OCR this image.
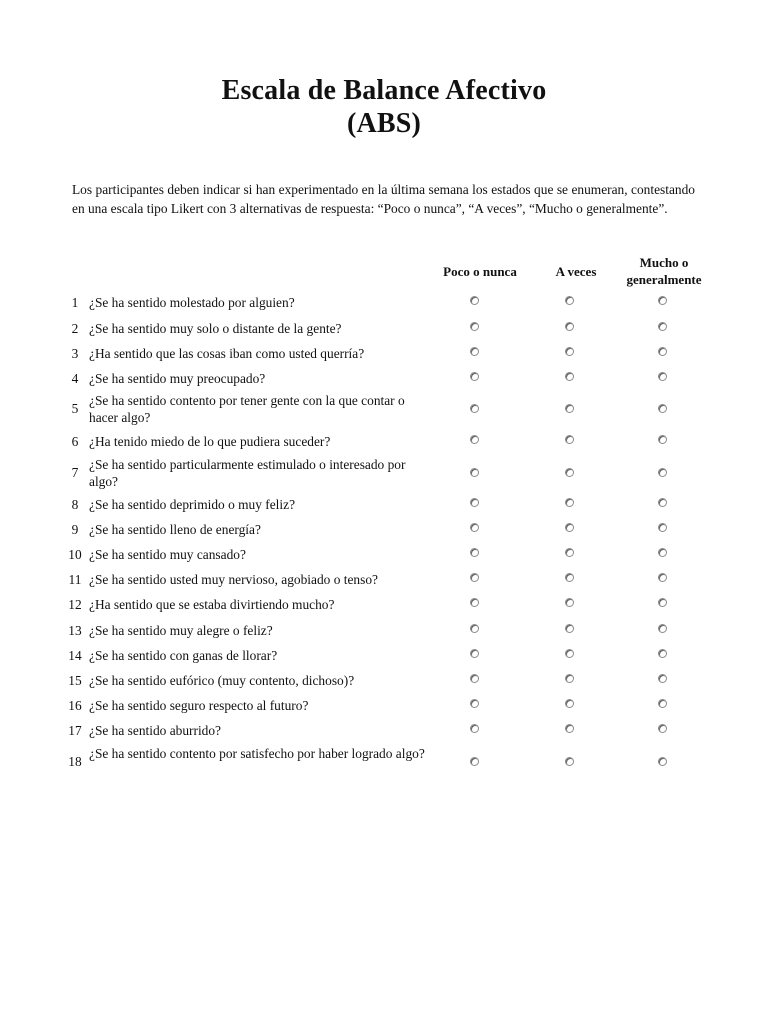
Escala de Balance Afectivo
(ABS)
Los participantes deben indicar si han experimentado en la última semana los estados que se enumeran, contestando en una escala tipo Likert con 3 alternativas de respuesta: “Poco o nunca”, “A veces”, “Mucho o generalmente”.
Poco o nunca	A veces
Mucho o
generalmente
1 ¿Se ha sentido molestado por alguien?
2 ¿Se ha sentido muy solo o distante de la gente?
3 ¿Ha sentido que las cosas iban como usted querría?
4 ¿Se ha sentido muy preocupado?
5
¿Se ha sentido contento por tener gente con la que contar o hacer algo?
6 ¿Ha tenido miedo de lo que pudiera suceder?
7
¿Se ha sentido particularmente estimulado o interesado por algo?
8 ¿Se ha sentido deprimido o muy feliz?
9 ¿Se ha sentido lleno de energía?
10 ¿Se ha sentido muy cansado?
11 ¿Se ha sentido usted muy nervioso, agobiado o tenso?
12 ¿Ha sentido que se estaba divirtiendo mucho?
13 ¿Se ha sentido muy alegre o feliz?
14 ¿Se ha sentido con ganas de llorar?
15 ¿Se ha sentido eufórico (muy contento, dichoso)?
16 ¿Se ha sentido seguro respecto al futuro?
17 ¿Se ha sentido aburrido?
18
¿Se ha sentido contento por satisfecho por haber logrado algo?
